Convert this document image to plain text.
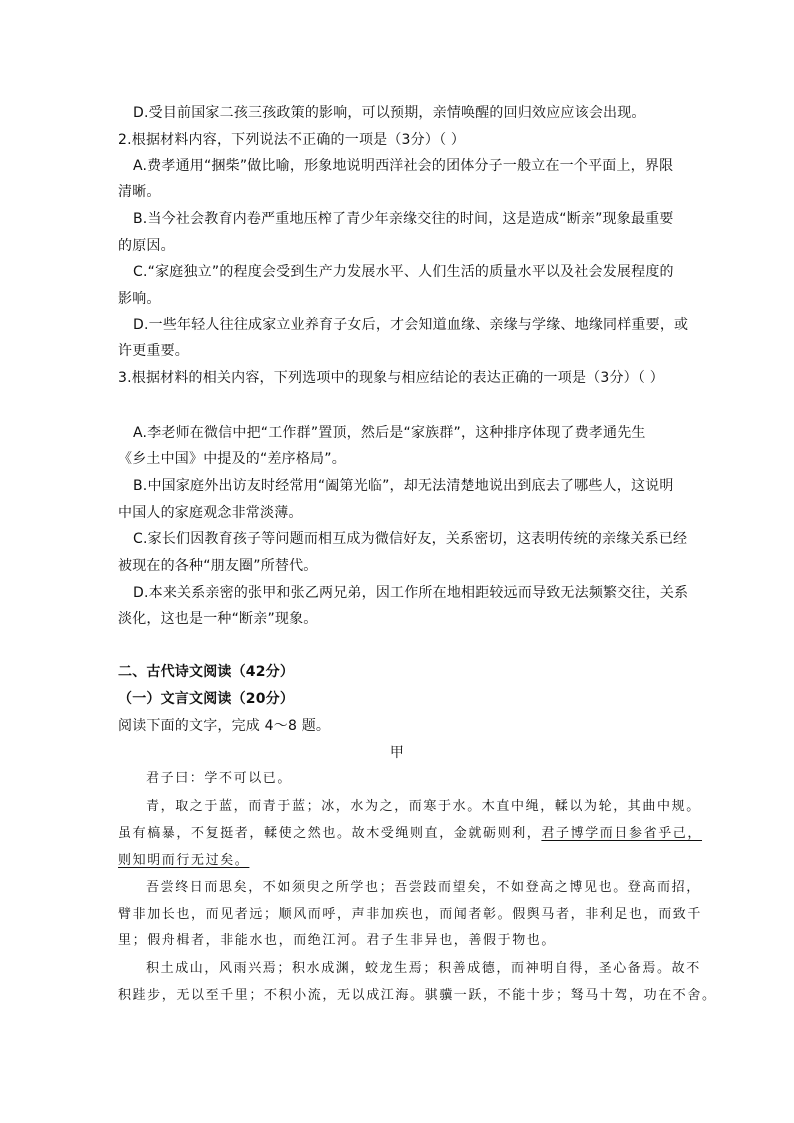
D.受目前国家二孩三孩政策的影响，可以预期，亲情唤醒的回归效应应该会出现。
2.根据材料内容，下列说法不正确的一项是（3分）（ ）
A.费孝通用“捆柴”做比喻，形象地说明西洋社会的团体分子一般立在一个平面上，界限
清晰。
B.当今社会教育内卷严重地压榨了青少年亲缘交往的时间，这是造成“断亲”现象最重要
的原因。
C.“家庭独立”的程度会受到生产力发展水平、人们生活的质量水平以及社会发展程度的
影响。
D.一些年轻人往往成家立业养育子女后，才会知道血缘、亲缘与学缘、地缘同样重要，或
许更重要。
3.根据材料的相关内容，下列选项中的现象与相应结论的表达正确的一项是（3分）（ ）
A.李老师在微信中把“工作群”置顶，然后是“家族群”，这种排序体现了费孝通先生
《乡土中国》中提及的“差序格局”。
B.中国家庭外出访友时经常用“阖第光临”，却无法清楚地说出到底去了哪些人，这说明
中国人的家庭观念非常淡薄。
C.家长们因教育孩子等问题而相互成为微信好友，关系密切，这表明传统的亲缘关系已经
被现在的各种“朋友圈”所替代。
D.本来关系亲密的张甲和张乙两兄弟，因工作所在地相距较远而导致无法频繁交往，关系
淡化，这也是一种“断亲”现象。
二、古代诗文阅读（42分）
（一）文言文阅读（20分）
阅读下面的文字，完成 4～8 题。
甲
君子曰：学不可以已。
青，取之于蓝，而青于蓝；冰，水为之，而寒于水。木直中绳，輮以为轮，其曲中规。
虽有槁暴，不复挺者，輮使之然也。故木受绳则直，金就砺则利，君子博学而日参省乎己，
则知明而行无过矣。
吾尝终日而思矣，不如须臾之所学也；吾尝跂而望矣，不如登高之博见也。登高而招，
臂非加长也，而见者远；顺风而呼，声非加疾也，而闻者彰。假舆马者，非利足也，而致千
里；假舟楫者，非能水也，而绝江河。君子生非异也，善假于物也。
积土成山，风雨兴焉；积水成渊，蛟龙生焉；积善成德，而神明自得，圣心备焉。故不
积跬步，无以至千里；不积小流，无以成江海。骐骥一跃，不能十步；驽马十驾，功在不舍。
